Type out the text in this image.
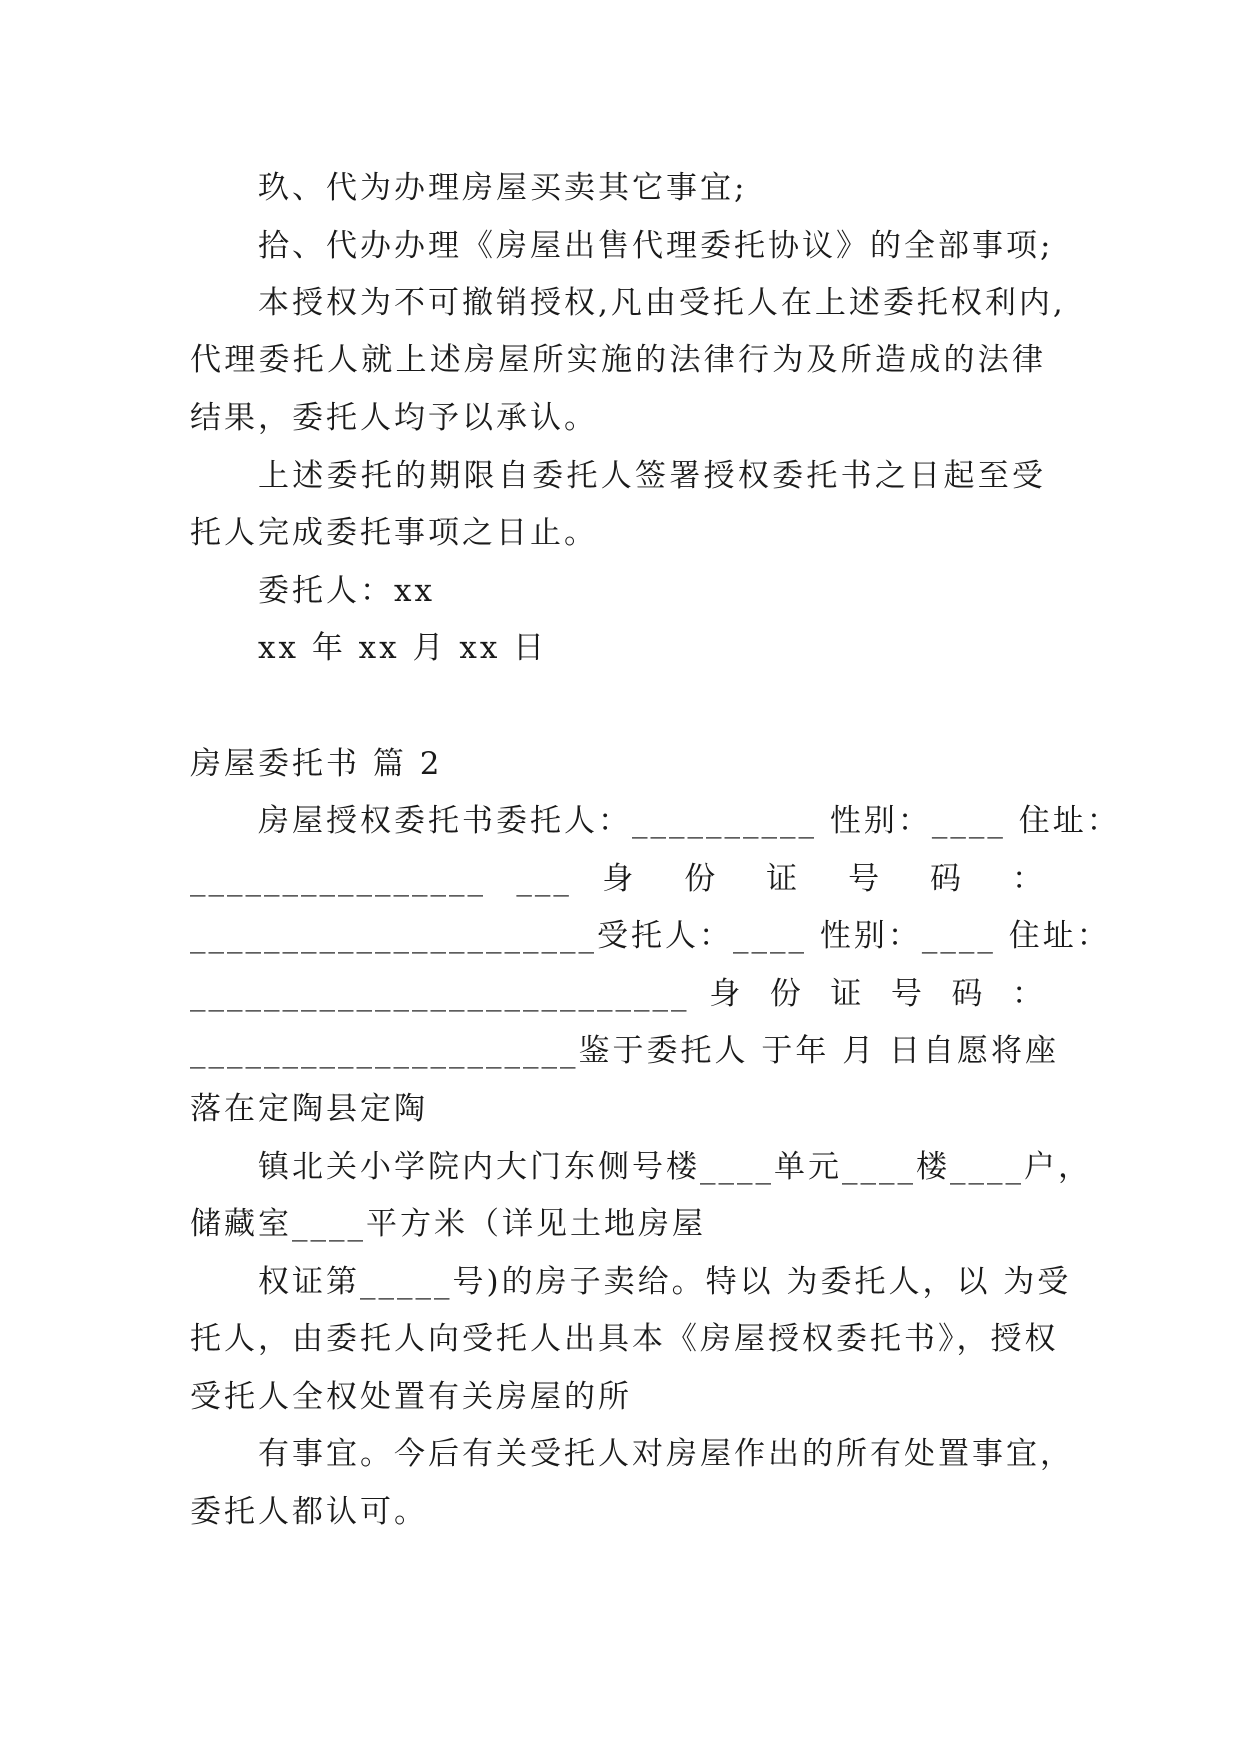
玖、代为办理房屋买卖其它事宜;
拾、代办办理《房屋出售代理委托协议》的全部事项;
本授权为不可撤销授权,凡由受托人在上述委托权利内,
代理委托人就上述房屋所实施的法律行为及所造成的法律
结果，委托人均予以承认。
上述委托的期限自委托人签署授权委托书之日起至受
托人完成委托事项之日止。
委托人：xx
xx 年 xx 月 xx 日
房屋委托书 篇 2
房屋授权委托书委托人：__________ 性别：____ 住址：
________________ ___ 身 份 证 号 码 ：
______________________受托人：____ 性别：____ 住址：
___________________________ 身 份 证 号 码 ：
_____________________鉴于委托人 于年 月 日自愿将座
落在定陶县定陶
镇北关小学院内大门东侧号楼____单元____楼____户，
储藏室____平方米（详见土地房屋
权证第_____号)的房子卖给。特以 为委托人，以 为受
托人，由委托人向受托人出具本《房屋授权委托书》，授权
受托人全权处置有关房屋的所
有事宜。今后有关受托人对房屋作出的所有处置事宜，
委托人都认可。
